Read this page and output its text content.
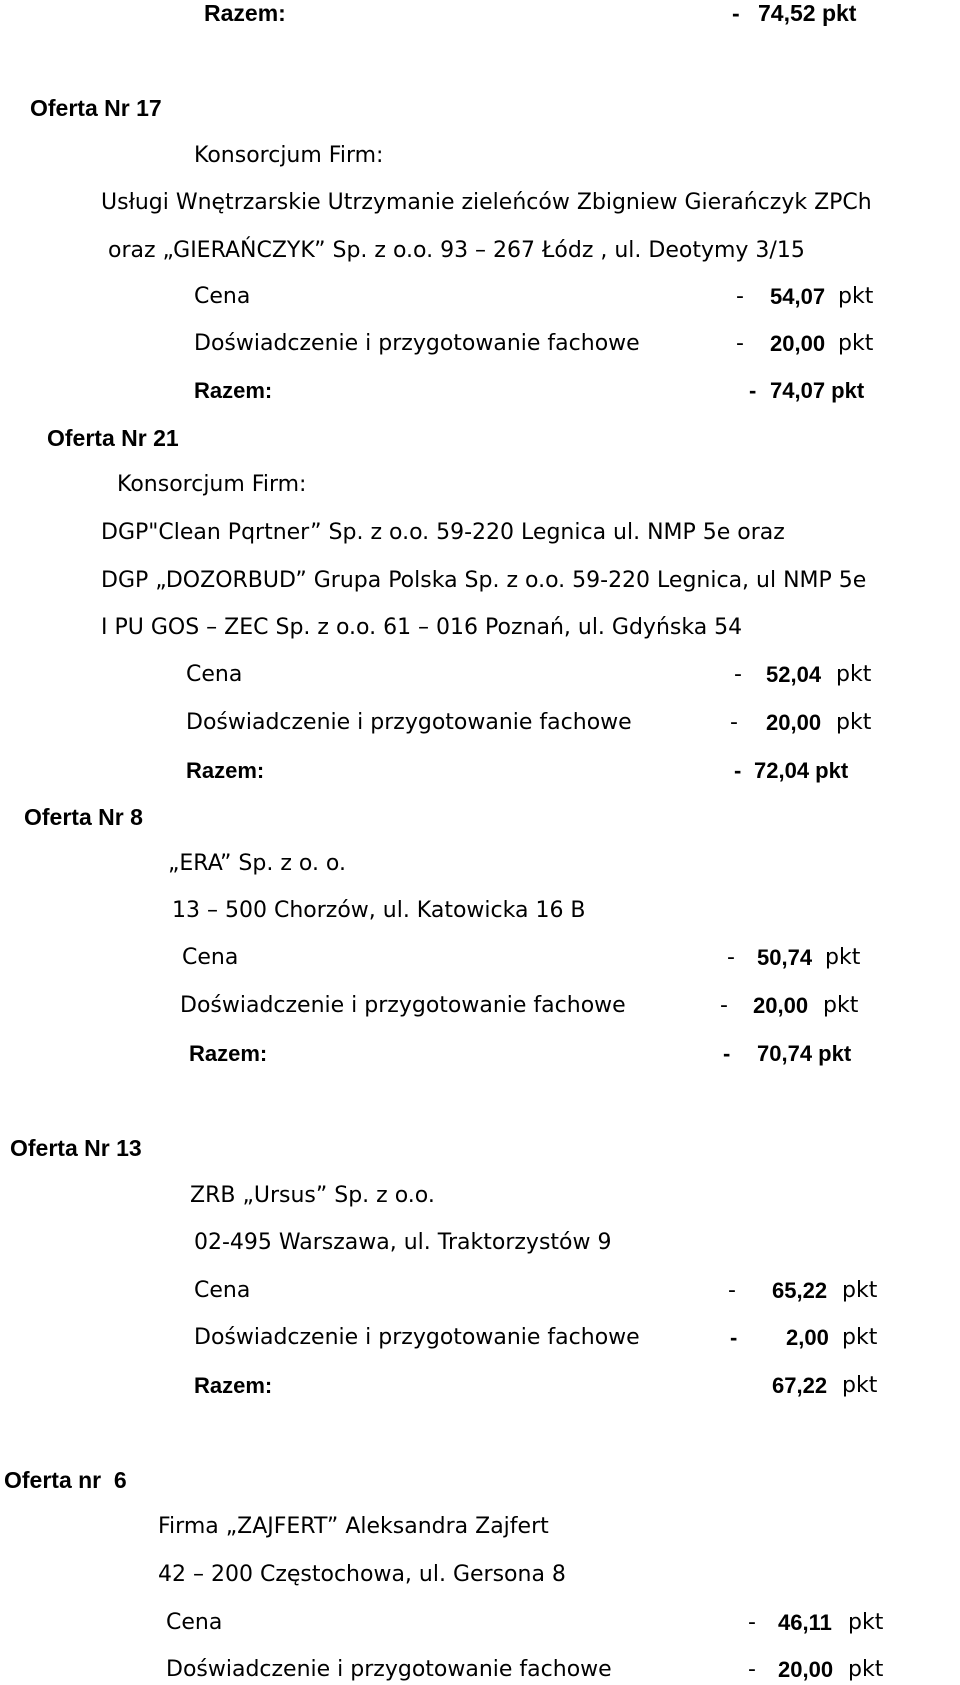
Razem:	- 74,52 pkt
Oferta Nr 17
Konsorcjum Firm:
Usługi Wnętrzarskie Utrzymanie zieleńców Zbigniew Gierańczyk ZPCh
oraz „GIERAŃCZYK” Sp. z o.o. 93 – 267 Łódz , ul. Deotymy 3/15
Cena	- 54,07 pkt
Doświadczenie i przygotowanie fachowe	- 20,00 pkt
Razem:	- 74,07 pkt
Oferta Nr 21
Konsorcjum Firm:
DGP"Clean Pqrtner” Sp. z o.o. 59-220 Legnica ul. NMP 5e oraz
DGP „DOZORBUD” Grupa Polska Sp. z o.o. 59-220 Legnica, ul NMP 5e
I PU GOS – ZEC Sp. z o.o. 61 – 016 Poznań, ul. Gdyńska 54
Cena	- 52,04 pkt
Doświadczenie i przygotowanie fachowe	- 20,00 pkt
Razem:	- 72,04 pkt
Oferta Nr 8
„ERA” Sp. z o. o.
13 – 500 Chorzów, ul. Katowicka 16 B
Cena	- 50,74 pkt
Doświadczenie i przygotowanie fachowe	- 20,00 pkt
Razem:	- 70,74 pkt
Oferta Nr 13
ZRB „Ursus” Sp. z o.o.
02-495 Warszawa, ul. Traktorzystów 9
Cena	- 65,22 pkt
Doświadczenie i przygotowanie fachowe	- 2,00 pkt
Razem:	67,22 pkt
Oferta nr  6
Firma „ZAJFERT” Aleksandra Zajfert
42 – 200 Częstochowa, ul. Gersona 8
Cena	- 46,11 pkt
Doświadczenie i przygotowanie fachowe	- 20,00 pkt
